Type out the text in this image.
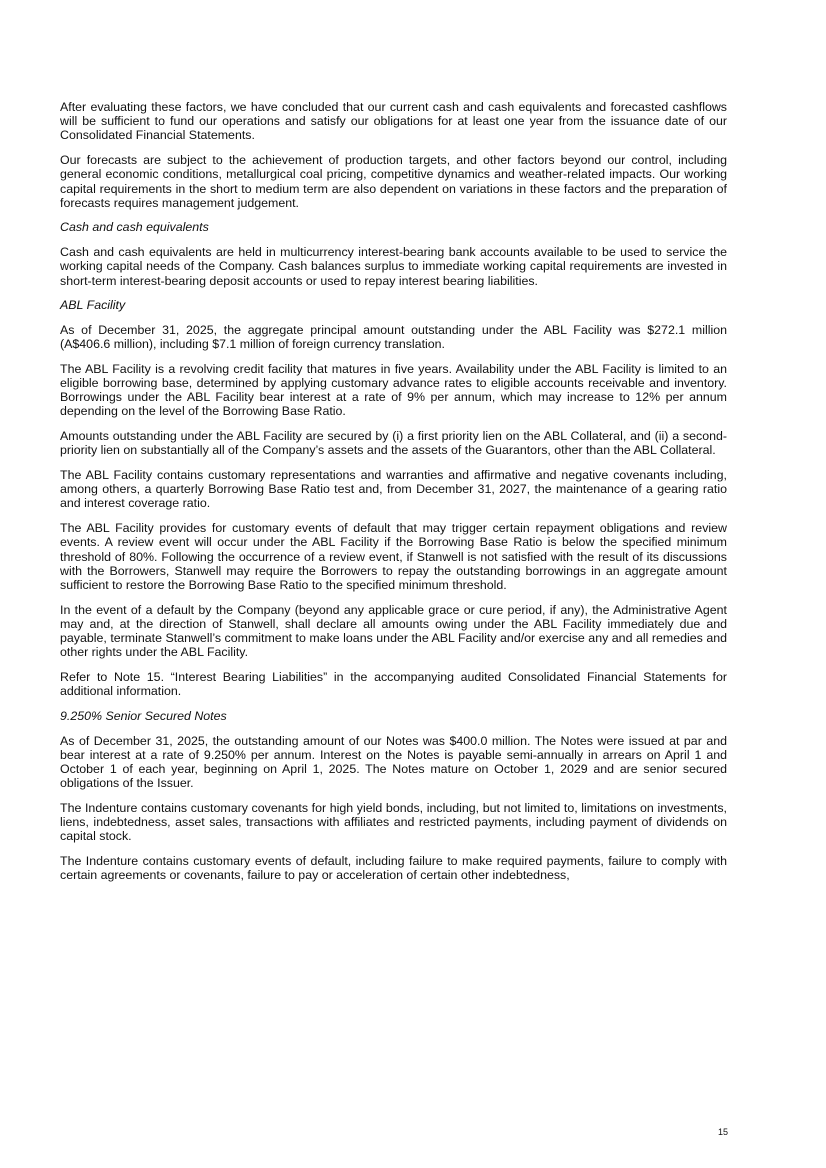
After evaluating these factors, we have concluded that our current cash and cash equivalents and forecasted cashflows will be sufficient to fund our operations and satisfy our obligations for at least one year from the issuance date of our Consolidated Financial Statements.

Our forecasts are subject to the achievement of production targets, and other factors beyond our control, including general economic conditions, metallurgical coal pricing, competitive dynamics and weather-related impacts. Our working capital requirements in the short to medium term are also dependent on variations in these factors and the preparation of forecasts requires management judgement.

Cash and cash equivalents

Cash and cash equivalents are held in multicurrency interest-bearing bank accounts available to be used to service the working capital needs of the Company. Cash balances surplus to immediate working capital requirements are invested in short-term interest-bearing deposit accounts or used to repay interest bearing liabilities.

ABL Facility

As of December 31, 2025, the aggregate principal amount outstanding under the ABL Facility was $272.1 million (A$406.6 million), including $7.1 million of foreign currency translation.

The ABL Facility is a revolving credit facility that matures in five years. Availability under the ABL Facility is limited to an eligible borrowing base, determined by applying customary advance rates to eligible accounts receivable and inventory. Borrowings under the ABL Facility bear interest at a rate of 9% per annum, which may increase to 12% per annum depending on the level of the Borrowing Base Ratio.

Amounts outstanding under the ABL Facility are secured by (i) a first priority lien on the ABL Collateral, and (ii) a second-priority lien on substantially all of the Company’s assets and the assets of the Guarantors, other than the ABL Collateral.

The ABL Facility contains customary representations and warranties and affirmative and negative covenants including, among others, a quarterly Borrowing Base Ratio test and, from December 31, 2027, the maintenance of a gearing ratio and interest coverage ratio.

The ABL Facility provides for customary events of default that may trigger certain repayment obligations and review events. A review event will occur under the ABL Facility if the Borrowing Base Ratio is below the specified minimum threshold of 80%. Following the occurrence of a review event, if Stanwell is not satisfied with the result of its discussions with the Borrowers, Stanwell may require the Borrowers to repay the outstanding borrowings in an aggregate amount sufficient to restore the Borrowing Base Ratio to the specified minimum threshold.

In the event of a default by the Company (beyond any applicable grace or cure period, if any), the Administrative Agent may and, at the direction of Stanwell, shall declare all amounts owing under the ABL Facility immediately due and payable, terminate Stanwell’s commitment to make loans under the ABL Facility and/or exercise any and all remedies and other rights under the ABL Facility.

Refer to Note 15. “Interest Bearing Liabilities” in the accompanying audited Consolidated Financial Statements for additional information.

9.250% Senior Secured Notes

As of December 31, 2025, the outstanding amount of our Notes was $400.0 million. The Notes were issued at par and bear interest at a rate of 9.250% per annum. Interest on the Notes is payable semi-annually in arrears on April 1 and October 1 of each year, beginning on April 1, 2025. The Notes mature on October 1, 2029 and are senior secured obligations of the Issuer.

The Indenture contains customary covenants for high yield bonds, including, but not limited to, limitations on investments, liens, indebtedness, asset sales, transactions with affiliates and restricted payments, including payment of dividends on capital stock.

The Indenture contains customary events of default, including failure to make required payments, failure to comply with certain agreements or covenants, failure to pay or acceleration of certain other indebtedness,

15
